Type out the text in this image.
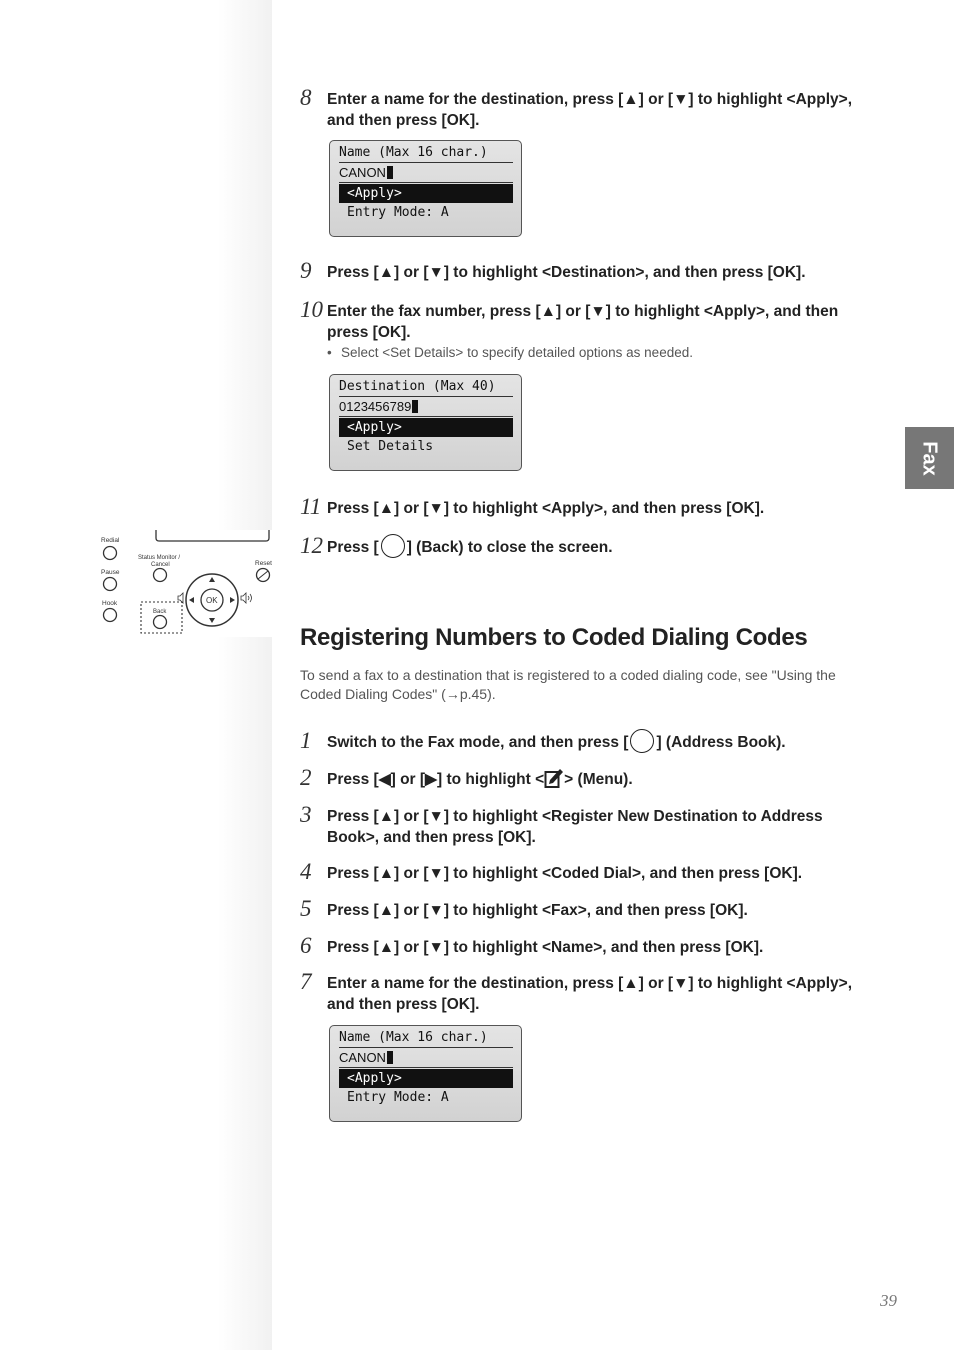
Redial
Pause
Hook
Status Monitor /
Cancel
Back
OK
Reset
8	Enter a name for the destination, press [▲] or [▼] to highlight <Apply>, and then press [OK].
Name (Max 16 char.)
CANON
<Apply>
Entry Mode: A
9	Press [▲] or [▼] to highlight <Destination>, and then press [OK].
10 Enter the fax number, press [▲] or [▼] to highlight <Apply>, and then press [OK].
• Select <Set Details> to specify detailed options as needed.
Destination (Max 40)
0123456789
<Apply>
Set Details
11 Press [▲] or [▼] to highlight <Apply>, and then press [OK].
12 Press [ ] (Back) to close the screen.
Registering Numbers to Coded Dialing Codes
To send a fax to a destination that is registered to a coded dialing code, see "Using the Coded Dialing Codes" (→p.45).
1	Switch to the Fax mode, and then press [ ] (Address Book).
2	Press [◀] or [▶] to highlight < > (Menu).
3	Press [▲] or [▼] to highlight <Register New Destination to Address Book>, and then press [OK].
4	Press [▲] or [▼] to highlight <Coded Dial>, and then press [OK].
5	Press [▲] or [▼] to highlight <Fax>, and then press [OK].
6	Press [▲] or [▼] to highlight <Name>, and then press [OK].
7	Enter a name for the destination, press [▲] or [▼] to highlight <Apply>, and then press [OK].
Name (Max 16 char.)
CANON
<Apply>
Entry Mode: A
Fax
39
